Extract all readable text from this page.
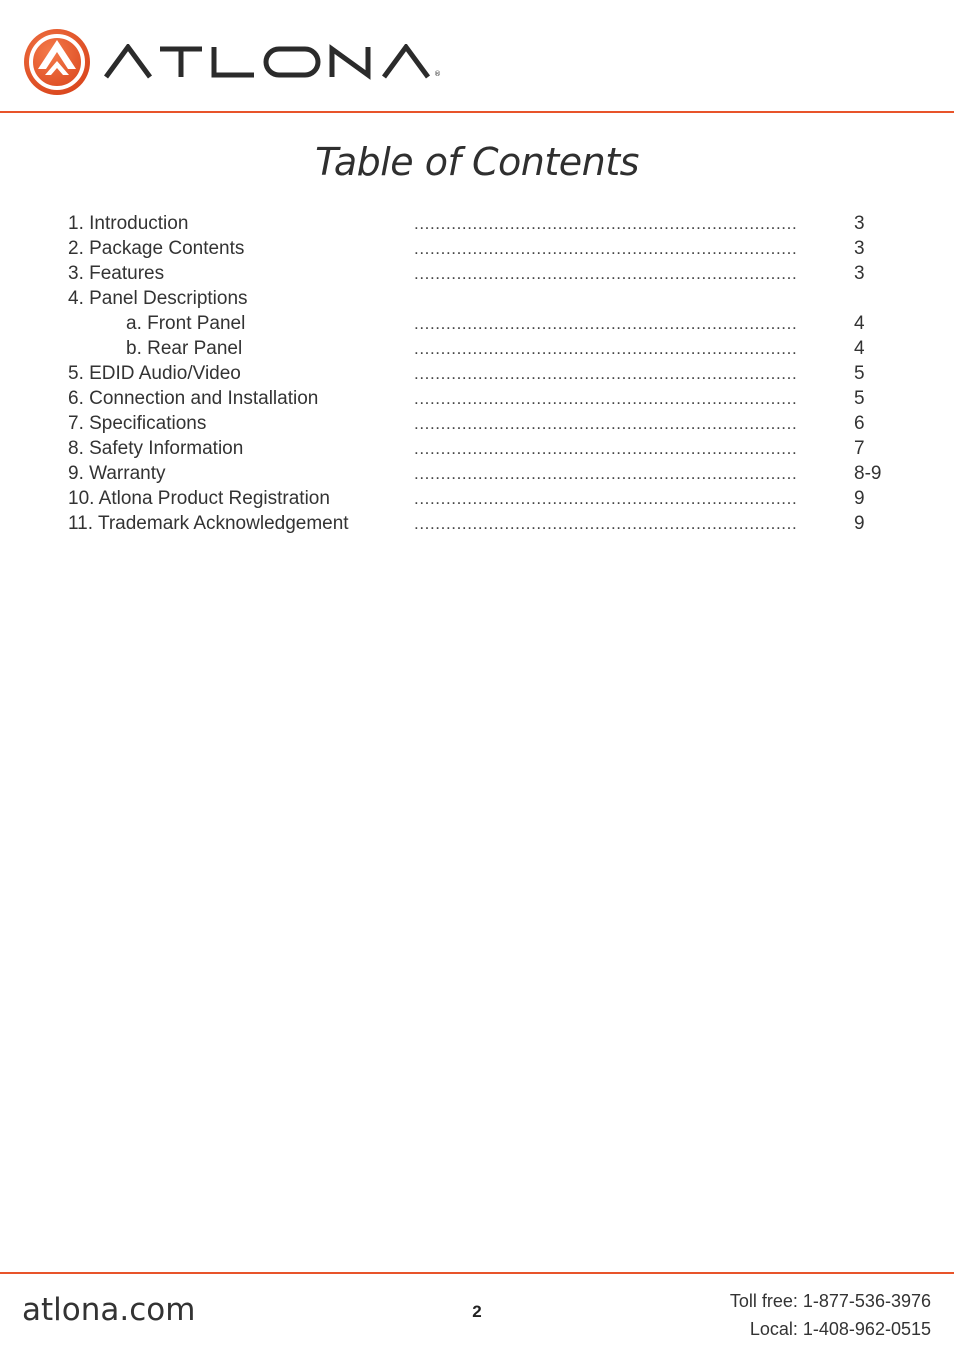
®
Table of Contents
1. Introduction	........................................................................	3
2. Package Contents	........................................................................	3
3. Features	........................................................................	3
4. Panel Descriptions
a. Front Panel	........................................................................	4
b. Rear Panel	........................................................................	4
5. EDID Audio/Video	........................................................................	5
6. Connection and Installation	........................................................................	5
7. Specifications	........................................................................	6
8. Safety Information	........................................................................	7
9. Warranty	........................................................................	8-9
10. Atlona Product Registration	........................................................................	9
11. Trademark Acknowledgement	........................................................................	9
atlona.com	2
Toll free: 1-877-536-3976
Local: 1-408-962-0515
